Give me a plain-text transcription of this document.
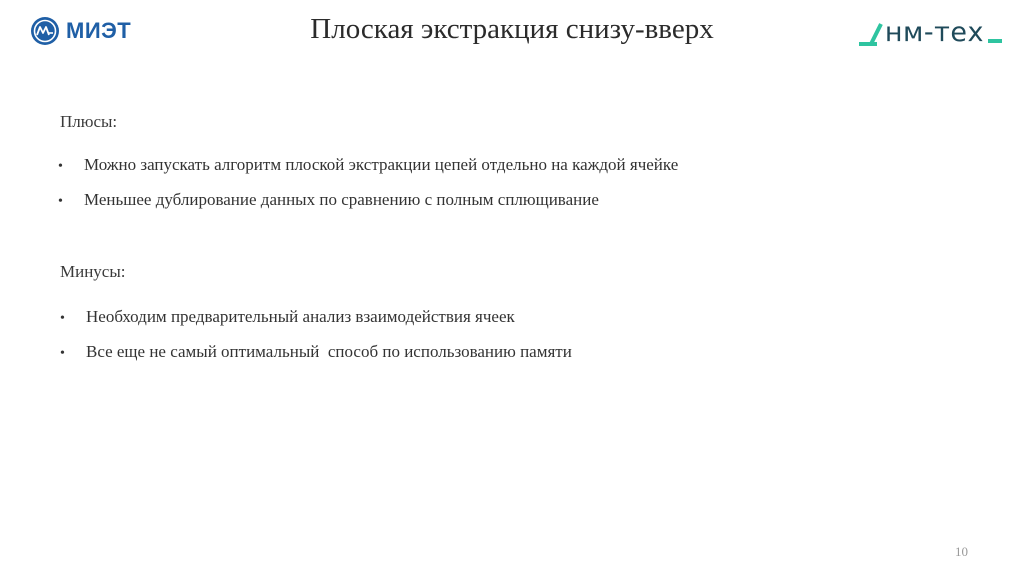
МИЭТ	Плоская экстракция снизу-вверх	нм-тех
Плюсы:
•	Можно запускать алгоритм плоской экстракции цепей отдельно на каждой ячейке
•	Меньшее дублирование данных по сравнению с полным сплющивание
Минусы:
•	Необходим предварительный анализ взаимодействия ячеек
•	Все еще не самый оптимальный  способ по использованию памяти
10
